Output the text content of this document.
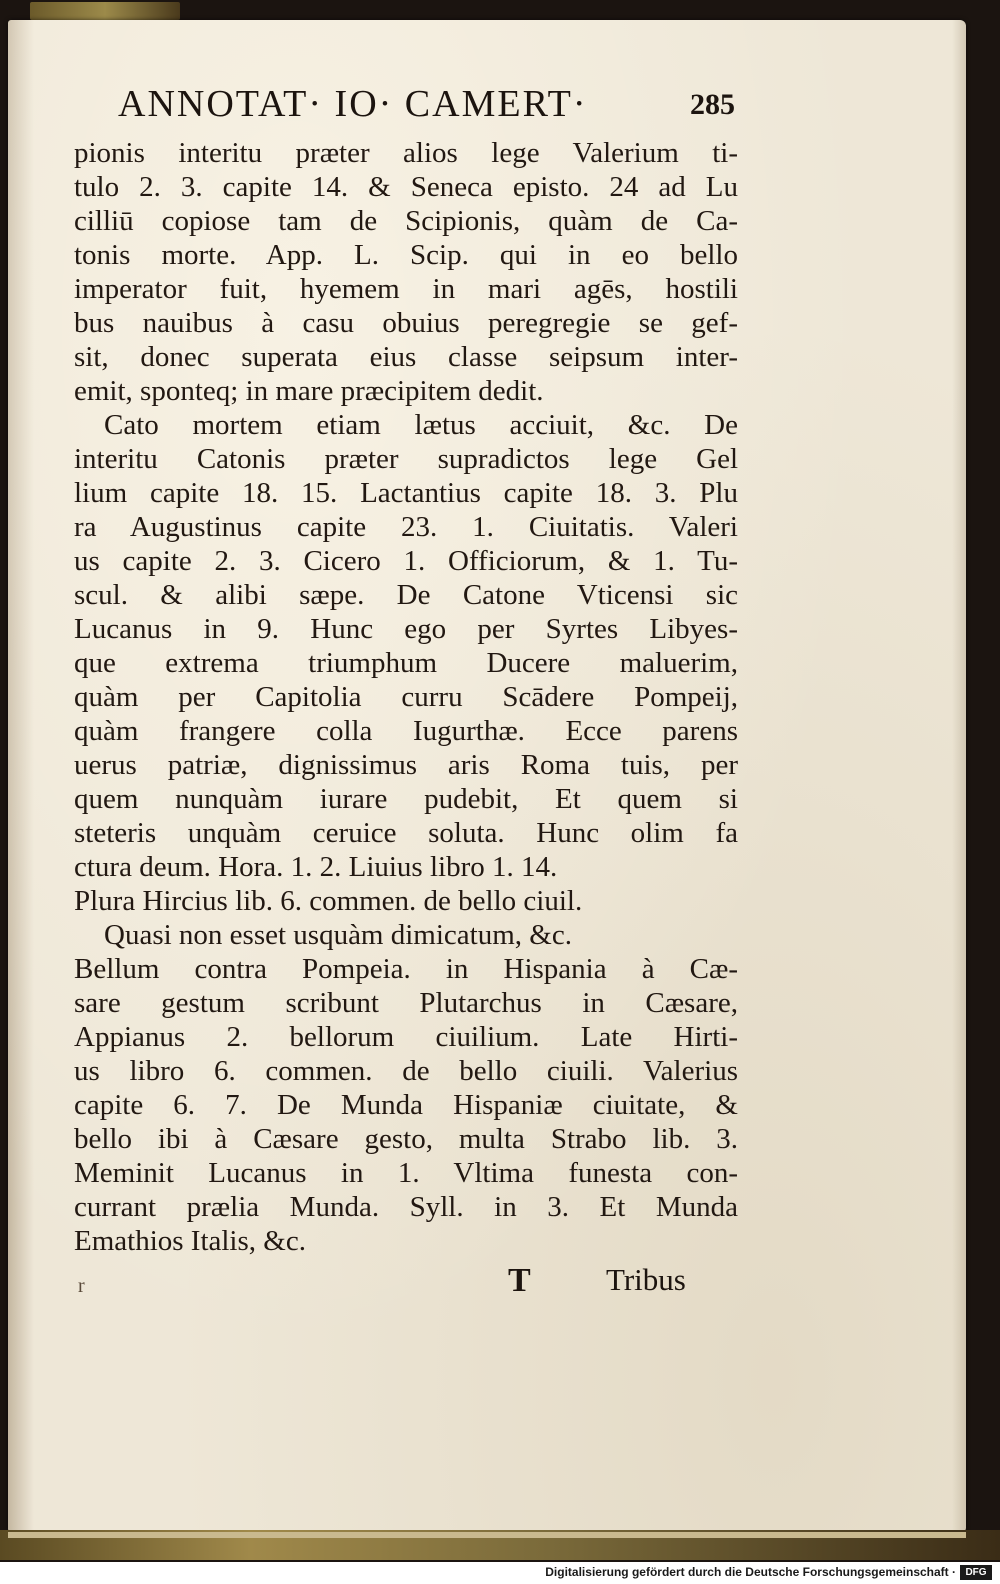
ANNOTAT· IO· CAMERT·	285
pionis interitu præter alios lege Valerium ti-
tulo 2. 3. capite 14. & Seneca episto. 24 ad Lu
cilliū copiose tam de Scipionis, quàm de Ca-
tonis morte. App. L. Scip. qui in eo bello
imperator fuit, hyemem in mari agēs, hostili
bus nauibus à casu obuius peregregie se gef-
sit, donec superata eius classe seipsum inter-
emit, sponteq; in mare præcipitem dedit.
Cato mortem etiam lætus acciuit, &c. De
interitu Catonis præter supradictos lege Gel
lium capite 18. 15. Lactantius capite 18. 3. Plu
ra Augustinus capite 23. 1. Ciuitatis. Valeri
us capite 2. 3. Cicero 1. Officiorum, & 1. Tu-
scul. & alibi sæpe. De Catone Vticensi sic
Lucanus in 9. Hunc ego per Syrtes Libyes-
que extrema triumphum Ducere maluerim,
quàm per Capitolia curru Scādere Pompeij,
quàm frangere colla Iugurthæ. Ecce parens
uerus patriæ, dignissimus aris Roma tuis, per
quem nunquàm iurare pudebit, Et quem si
steteris unquàm ceruice soluta. Hunc olim fa
ctura deum. Hora. 1. 2. Liuius libro 1. 14.
Plura Hircius lib. 6. commen. de bello ciuil.
Quasi non esset usquàm dimicatum, &c.
Bellum contra Pompeia. in Hispania à Cæ-
sare gestum scribunt Plutarchus in Cæsare,
Appianus 2. bellorum ciuilium. Late Hirti-
us libro 6. commen. de bello ciuili. Valerius
capite 6. 7. De Munda Hispaniæ ciuitate, &
bello ibi à Cæsare gesto, multa Strabo lib. 3.
Meminit Lucanus in 1. Vltima funesta con-
currant prælia Munda. Syll. in 3. Et Munda
Emathios Italis, &c.
r	T Tribus
Digitalisierung gefördert durch die Deutsche Forschungsgemeinschaft · DFG
